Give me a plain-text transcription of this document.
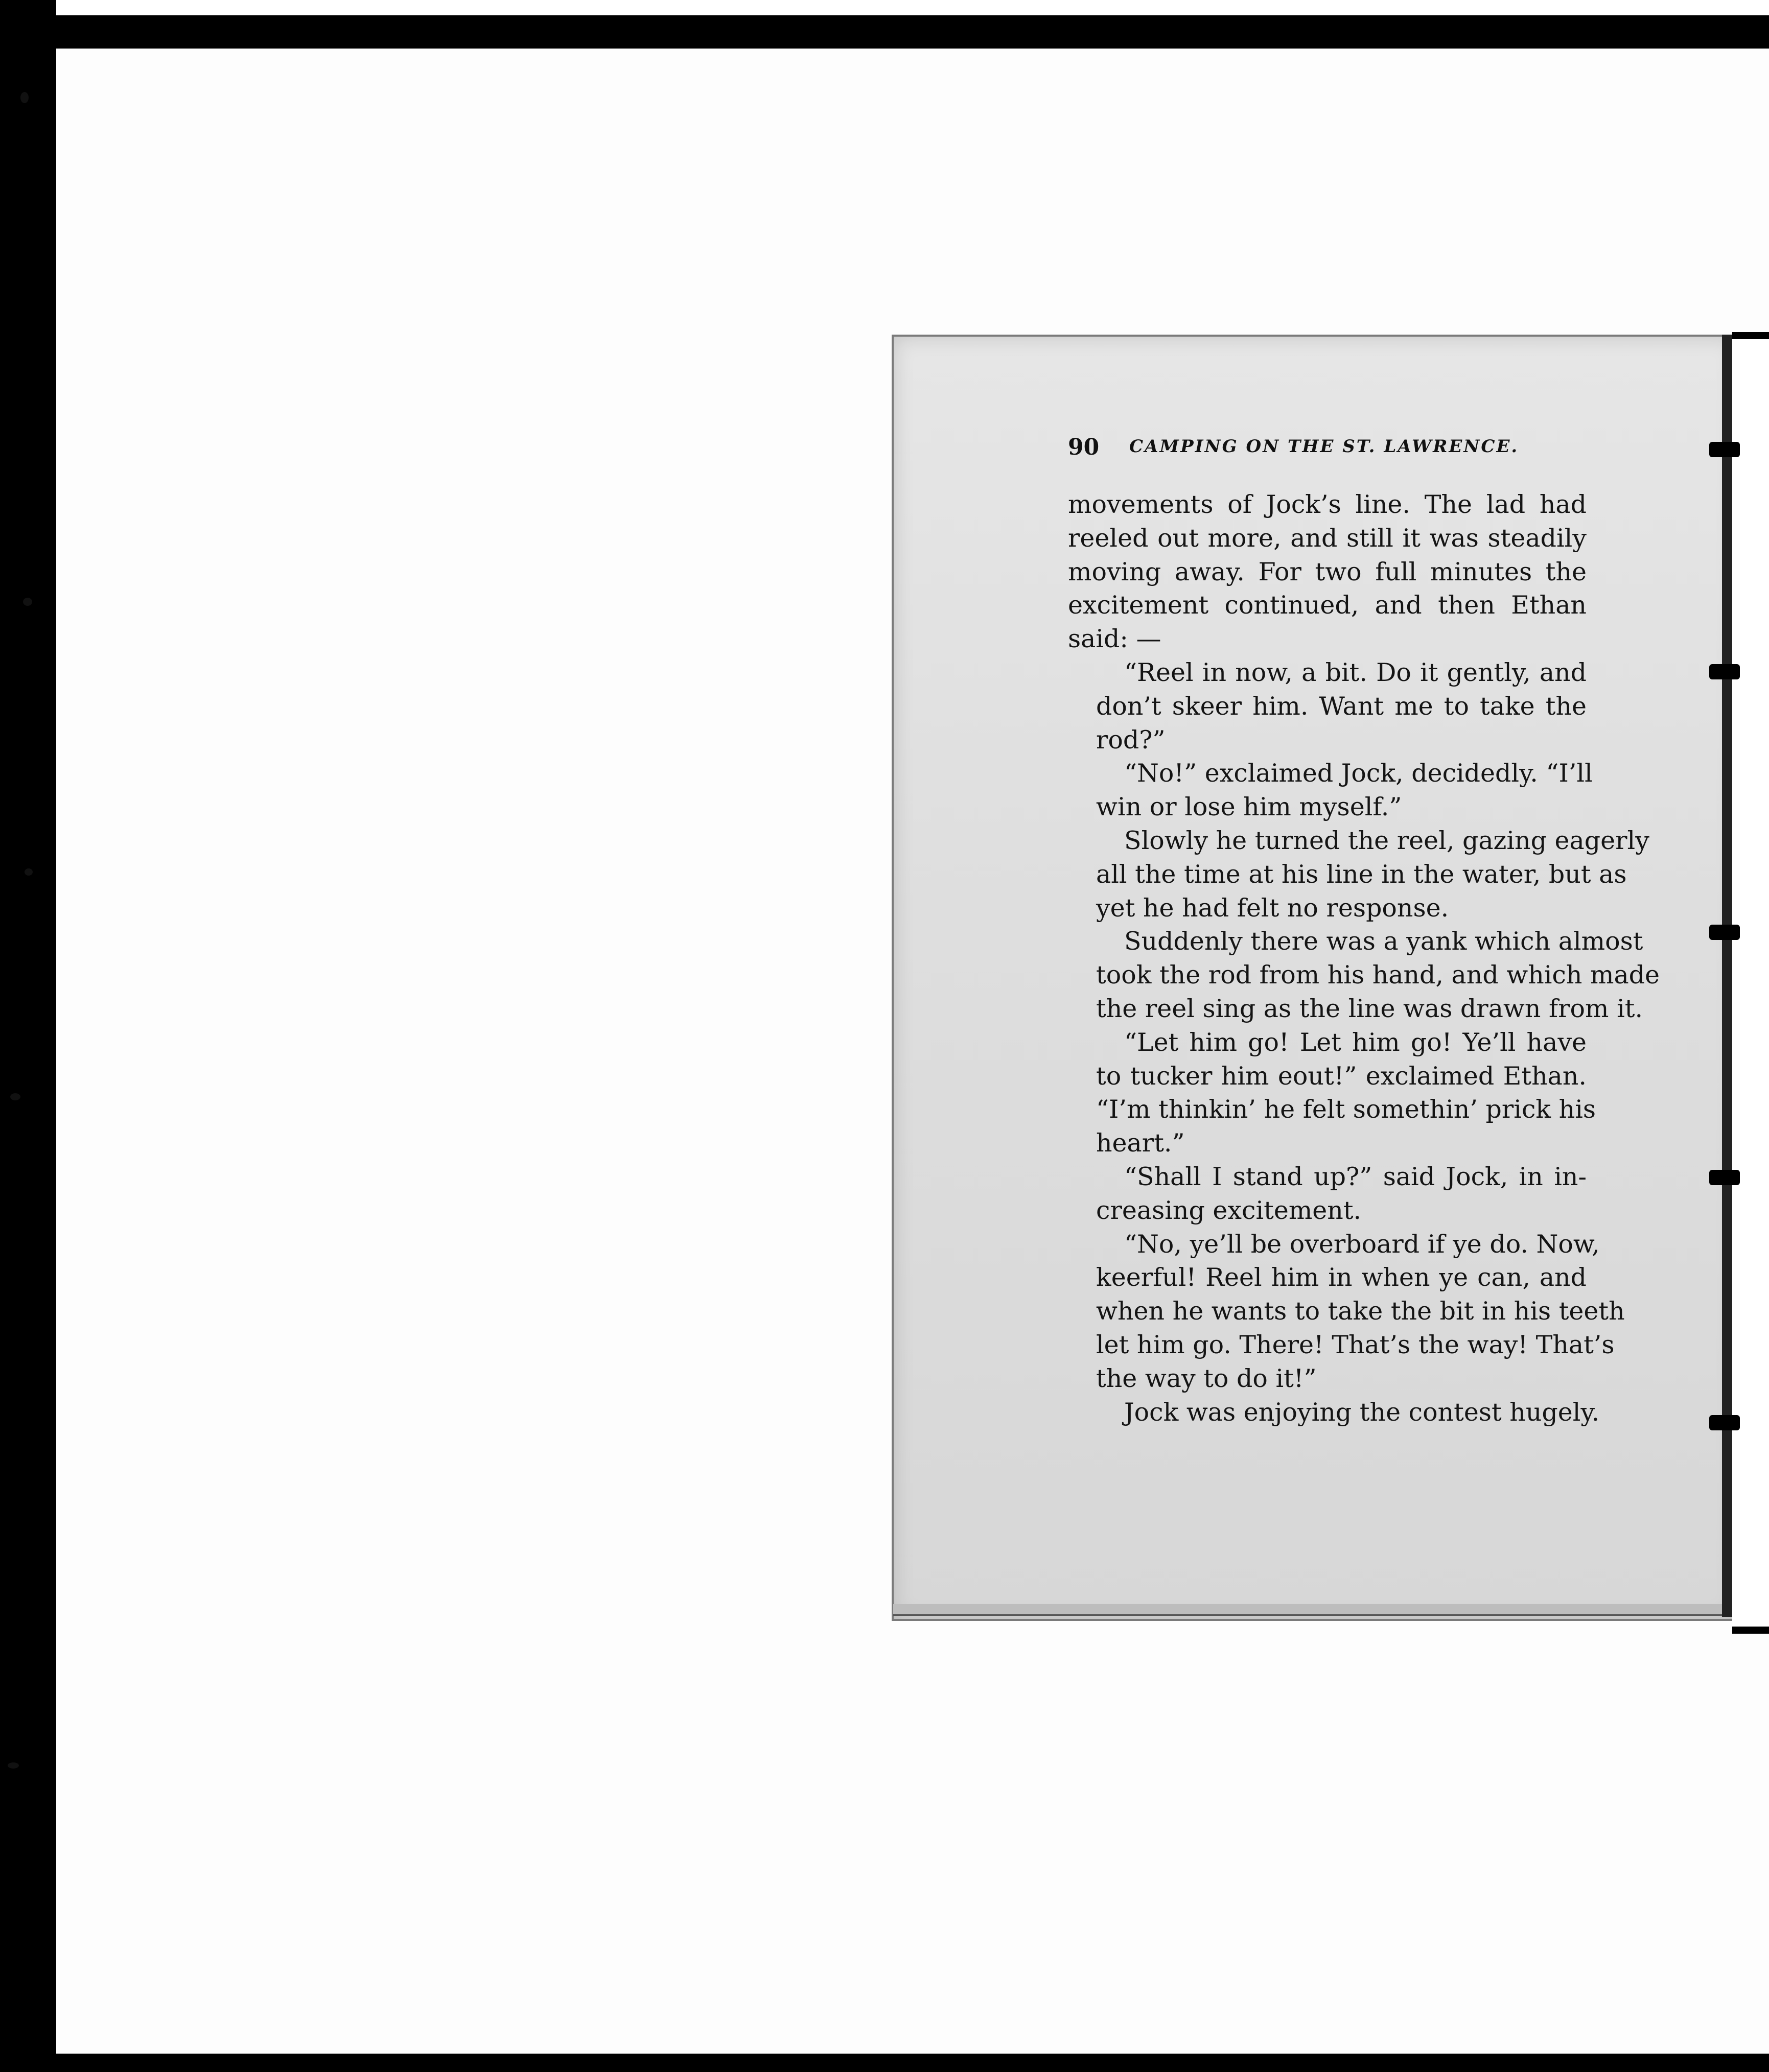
90 CAMPING ON THE ST. LAWRENCE.
movements of Jock’s line. The lad had
reeled out more, and still it was steadily
moving away. For two full minutes the
excitement continued, and then Ethan
said: —
“Reel in now, a bit. Do it gently, and
don’t skeer him. Want me to take the
rod?”
“No!” exclaimed Jock, decidedly. “I’ll
win or lose him myself.”
Slowly he turned the reel, gazing eagerly
all the time at his line in the water, but as
yet he had felt no response.
Suddenly there was a yank which almost
took the rod from his hand, and which made
the reel sing as the line was drawn from it.
“Let him go! Let him go! Ye’ll have
to tucker him eout!” exclaimed Ethan.
“I’m thinkin’ he felt somethin’ prick his
heart.”
“Shall I stand up?” said Jock, in in-
creasing excitement.
“No, ye’ll be overboard if ye do. Now,
keerful! Reel him in when ye can, and
when he wants to take the bit in his teeth
let him go. There! That’s the way! That’s
the way to do it!”
Jock was enjoying the contest hugely.
